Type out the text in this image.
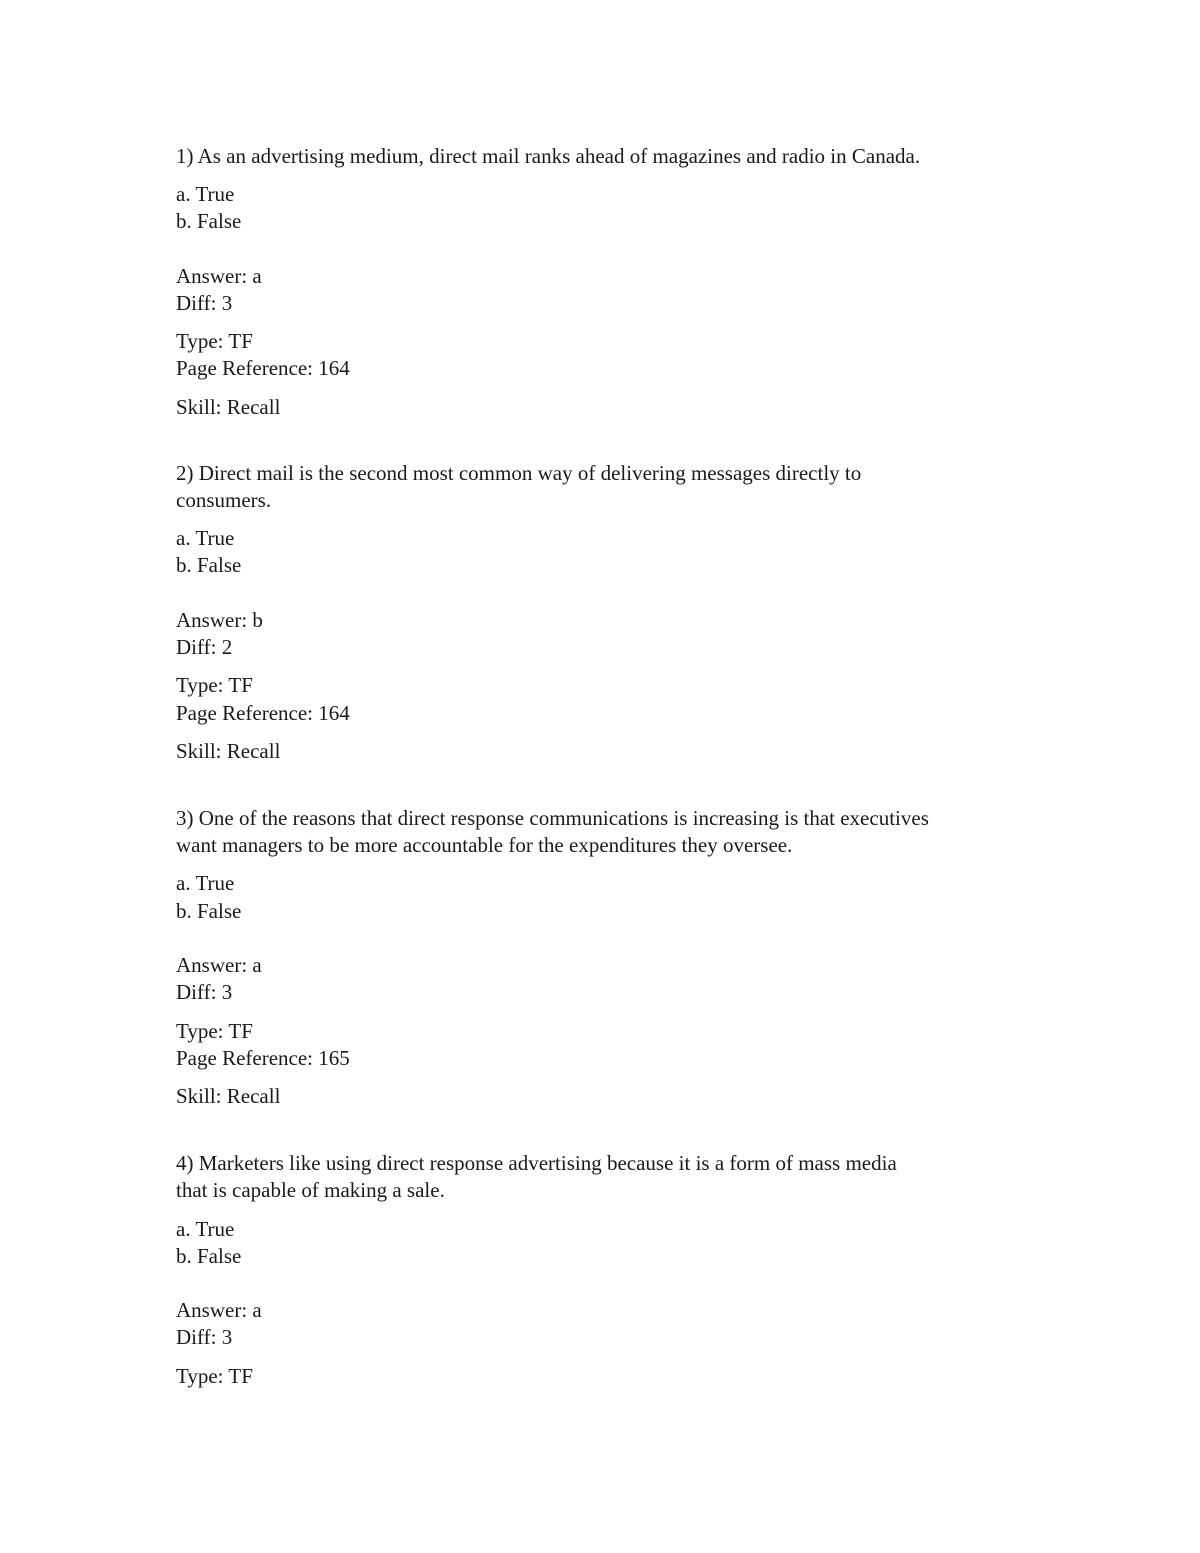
1) As an advertising medium, direct mail ranks ahead of magazines and radio in Canada.
a. True
b. False
Answer: a
Diff: 3
Type: TF
Page Reference: 164
Skill: Recall
2) Direct mail is the second most common way of delivering messages directly to
consumers.
a. True
b. False
Answer: b
Diff: 2
Type: TF
Page Reference: 164
Skill: Recall
3) One of the reasons that direct response communications is increasing is that executives
want managers to be more accountable for the expenditures they oversee.
a. True
b. False
Answer: a
Diff: 3
Type: TF
Page Reference: 165
Skill: Recall
4) Marketers like using direct response advertising because it is a form of mass media
that is capable of making a sale.
a. True
b. False
Answer: a
Diff: 3
Type: TF
